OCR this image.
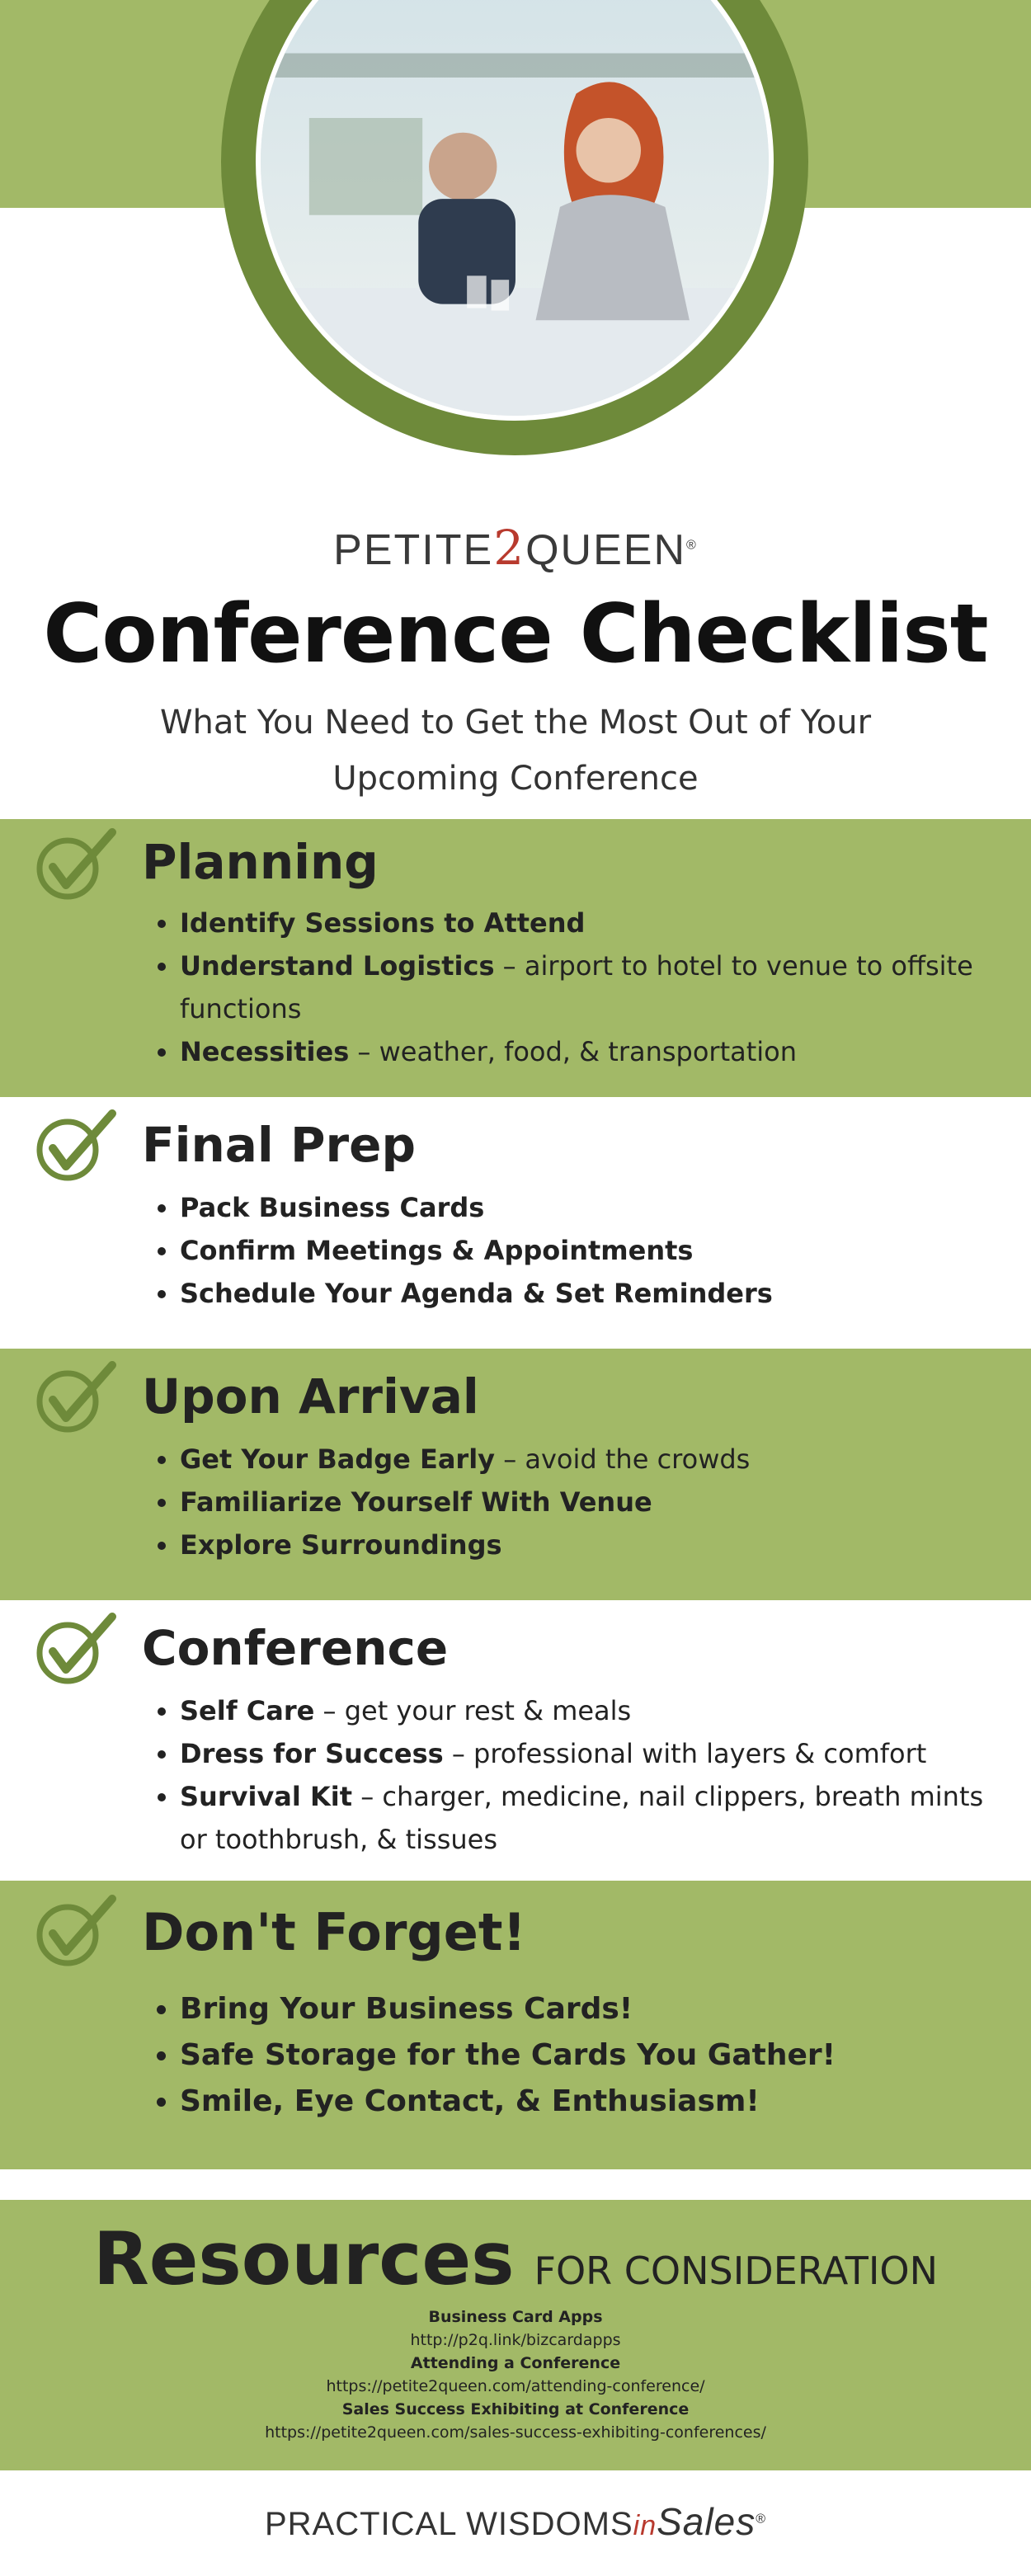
PETITE2QUEEN®
Conference Checklist
What You Need to Get the Most Out of Your Upcoming Conference
Planning
• Identify Sessions to Attend
• Understand Logistics – airport to hotel to venue to offsite functions
• Necessities – weather, food, & transportation
Final Prep
• Pack Business Cards
• Confirm Meetings & Appointments
• Schedule Your Agenda & Set Reminders
Upon Arrival
• Get Your Badge Early – avoid the crowds
• Familiarize Yourself With Venue
• Explore Surroundings
Conference
• Self Care – get your rest & meals
• Dress for Success – professional with layers & comfort
• Survival Kit – charger, medicine, nail clippers, breath mints or toothbrush, & tissues
Don't Forget!
• Bring Your Business Cards!
• Safe Storage for the Cards You Gather!
• Smile, Eye Contact, & Enthusiasm!
Resources FOR CONSIDERATION
Business Card Apps
http://p2q.link/bizcardapps
Attending a Conference
https://petite2queen.com/attending-conference/
Sales Success Exhibiting at Conference
https://petite2queen.com/sales-success-exhibiting-conferences/
PRACTICAL WISDOMSinSales®
